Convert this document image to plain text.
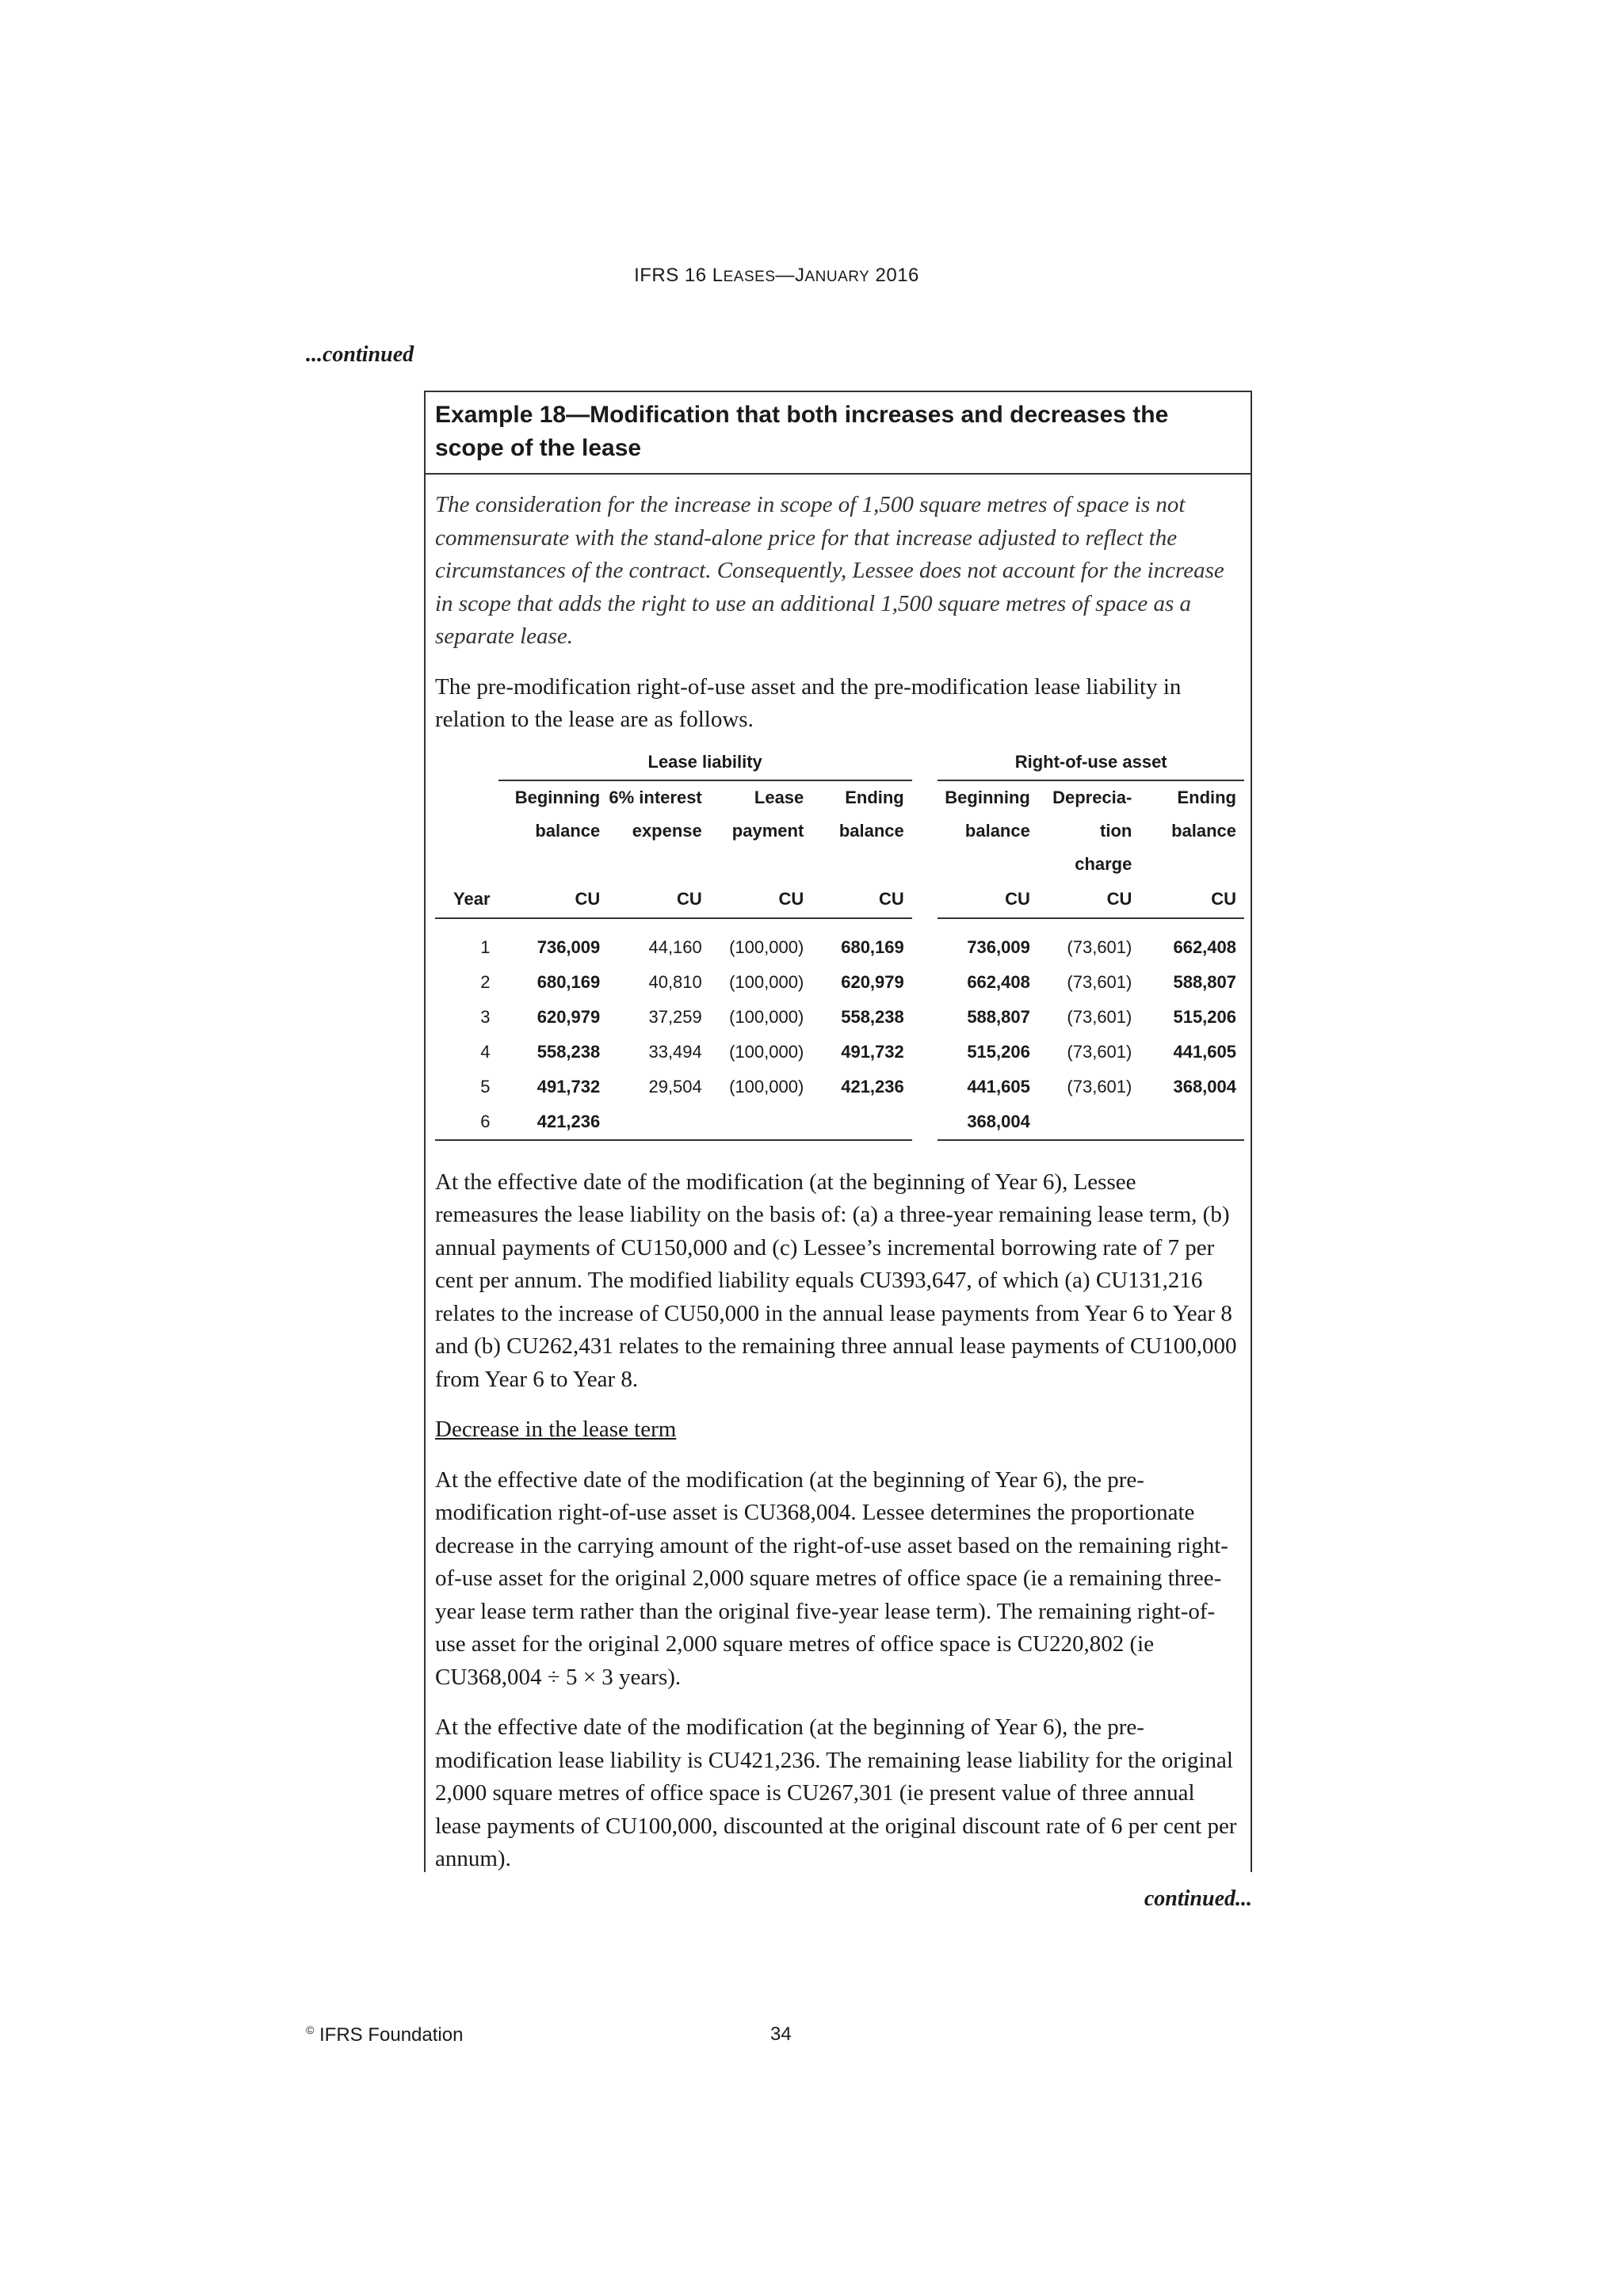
IFRS 16 LEASES—JANUARY 2016
...continued
Example 18—Modification that both increases and decreases the scope of the lease

The consideration for the increase in scope of 1,500 square metres of space is not commensurate with the stand-alone price for that increase adjusted to reflect the circumstances of the contract. Consequently, Lessee does not account for the increase in scope that adds the right to use an additional 1,500 square metres of space as a separate lease.

The pre-modification right-of-use asset and the pre-modification lease liability in relation to the lease are as follows.

	Lease liability					Right-of-use asset		
	Beginning balance	6% interest expense	Lease payment	Ending balance		Beginning balance	Deprecia- tion charge	Ending balance
Year	CU	CU	CU	CU		CU	CU	CU
1	736,009	44,160	(100,000)	680,169		736,009	(73,601)	662,408
2	680,169	40,810	(100,000)	620,979		662,408	(73,601)	588,807
3	620,979	37,259	(100,000)	558,238		588,807	(73,601)	515,206
4	558,238	33,494	(100,000)	491,732		515,206	(73,601)	441,605
5	491,732	29,504	(100,000)	421,236		441,605	(73,601)	368,004
6	421,236					368,004		

At the effective date of the modification (at the beginning of Year 6), Lessee remeasures the lease liability on the basis of: (a) a three-year remaining lease term, (b) annual payments of CU150,000 and (c) Lessee’s incremental borrowing rate of 7 per cent per annum. The modified liability equals CU393,647, of which (a) CU131,216 relates to the increase of CU50,000 in the annual lease payments from Year 6 to Year 8 and (b) CU262,431 relates to the remaining three annual lease payments of CU100,000 from Year 6 to Year 8.

Decrease in the lease term

At the effective date of the modification (at the beginning of Year 6), the pre-modification right-of-use asset is CU368,004. Lessee determines the proportionate decrease in the carrying amount of the right-of-use asset based on the remaining right-of-use asset for the original 2,000 square metres of office space (ie a remaining three-year lease term rather than the original five-year lease term). The remaining right-of-use asset for the original 2,000 square metres of office space is CU220,802 (ie CU368,004 ÷ 5 × 3 years).

At the effective date of the modification (at the beginning of Year 6), the pre-modification lease liability is CU421,236. The remaining lease liability for the original 2,000 square metres of office space is CU267,301 (ie present value of three annual lease payments of CU100,000, discounted at the original discount rate of 6 per cent per annum).

continued...
© IFRS Foundation	34
